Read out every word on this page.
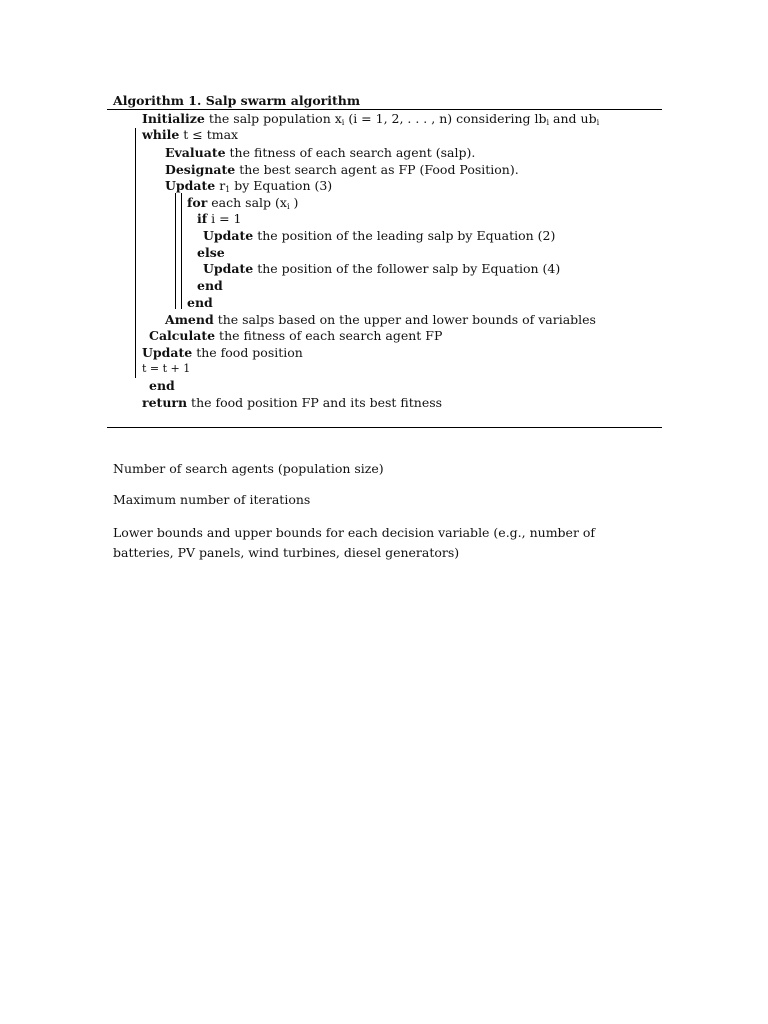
Algorithm 1. Salp swarm algorithm
Initialize the salp population $x_i$ (i = 1, 2, . . . , n) considering $lb_i$ and $ub_i$
while t ≤ tmax
Evaluate the fitness of each search agent (salp).
Designate the best search agent as FP (Food Position).
Update $r_1$ by Equation (3)
for each salp ($x_i$ )
if i = 1
Update the position of the leading salp by Equation (2)
else
Update the position of the follower salp by Equation (4)
end
end
Amend the salps based on the upper and lower bounds of variables
Calculate the fitness of each search agent FP
Update the food position
t = t + 1
end
return the food position FP and its best fitness
Number of search agents (population size)
Maximum number of iterations
Lower bounds and upper bounds for each decision variable (e.g., number of batteries, PV panels, wind turbines, diesel generators)
